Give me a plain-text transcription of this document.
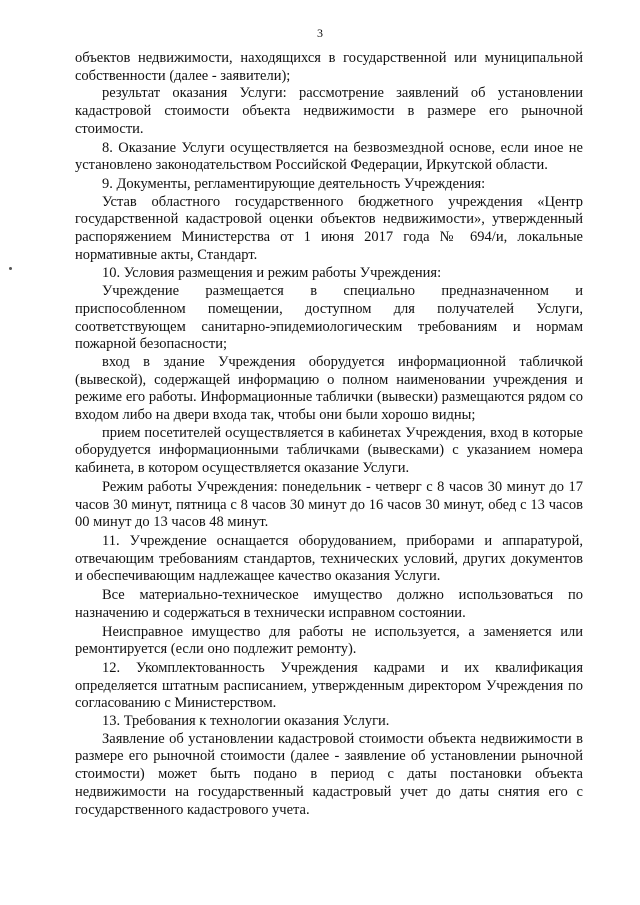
3

объектов недвижимости, находящихся в государственной или муниципальной собственности (далее - заявители);

результат оказания Услуги: рассмотрение заявлений об установлении кадастровой стоимости объекта недвижимости в размере его рыночной стоимости.

8. Оказание Услуги осуществляется на безвозмездной основе, если иное не установлено законодательством Российской Федерации, Иркутской области.

9. Документы, регламентирующие деятельность Учреждения:

Устав областного государственного бюджетного учреждения «Центр государственной кадастровой оценки объектов недвижимости», утвержденный распоряжением Министерства от 1 июня 2017 года № 694/и, локальные нормативные акты, Стандарт.

10. Условия размещения и режим работы Учреждения:

Учреждение размещается в специально предназначенном и приспособленном помещении, доступном для получателей Услуги, соответствующем санитарно-эпидемиологическим требованиям и нормам пожарной безопасности;

вход в здание Учреждения оборудуется информационной табличкой (вывеской), содержащей информацию о полном наименовании учреждения и режиме его работы. Информационные таблички (вывески) размещаются рядом со входом либо на двери входа так, чтобы они были хорошо видны;

прием посетителей осуществляется в кабинетах Учреждения, вход в которые оборудуется информационными табличками (вывесками) с указанием номера кабинета, в котором осуществляется оказание Услуги.

Режим работы Учреждения: понедельник - четверг с 8 часов 30 минут до 17 часов 30 минут, пятница с 8 часов 30 минут до 16 часов 30 минут, обед с 13 часов 00 минут до 13 часов 48 минут.

11. Учреждение оснащается оборудованием, приборами и аппаратурой, отвечающим требованиям стандартов, технических условий, других документов и обеспечивающим надлежащее качество оказания Услуги.

Все материально-техническое имущество должно использоваться по назначению и содержаться в технически исправном состоянии.

Неисправное имущество для работы не используется, а заменяется или ремонтируется (если оно подлежит ремонту).

12. Укомплектованность Учреждения кадрами и их квалификация определяется штатным расписанием, утвержденным директором Учреждения по согласованию с Министерством.

13. Требования к технологии оказания Услуги.

Заявление об установлении кадастровой стоимости объекта недвижимости в размере его рыночной стоимости (далее - заявление об установлении рыночной стоимости) может быть подано в период с даты постановки объекта недвижимости на государственный кадастровый учет до даты снятия его с государственного кадастрового учета.
